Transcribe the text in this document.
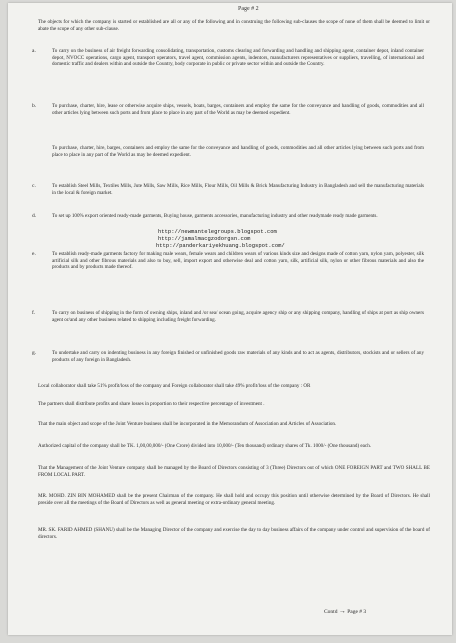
Page # 2

The objects for which the company is started or established are all or any of the following and in construing the following sub-clauses the scope of none of them shall be deemed to limit or abate the scope of any other sub-clause.

a.	To carry on the business of air freight forwarding consolidating, transportation, customs clearing and forwarding and handling and shipping agent, container depot, inland container depot, NVOCC operations, cargo agent, transport operators, travel agent, commission agents, indentors, manufacturers representatives or suppliers, travelling, of international and domestic traffic and dealers within and outside the Country, body corporate in public or private sector within and outside the Country.
b.	To purchase, charter, hire, lease or otherwise acquire ships, vessels, boats, barges, containers and employ the same for the conveyance and handling of goods, commodities and all other articles lying between such ports and from place to place in any part of the World as may be deemed expedient.
To purchase, charter, hire, barges, containers and employ the same for the conveyance and handling of goods, commodities and all other articles lying between such ports and from place to place in any part of the World as may be deemed expedient.
c.	To establish Steel Mills, Textiles Mills, Jute Mills, Saw Mills, Rice Mills, Flour Mills, Oil Mills & Brick Manufacturing Industry in Bangladesh and sell the manufacturing materials in the local & foreign market.
d.	To set up 100% export oriented ready-made garments, Buying house, garments accessories, manufacturing industry and other readymade ready made garments.
http://newmantelegroups.blogspot.com
http://jamalmacgzodorgsn.com
http://panderkariyekhuang.blogspot.com/
e.	To establish ready-made garments factory for making male wears, female wears and children wears of various kinds size and designs made of cotton yarn, nylon yarn, polyester, silk artificial silk and other fibrous materials and also to buy, sell, import export and otherwise deal and cotton yarn, silk, artificial silk, nylon or other fibrous materials and also the products and by products made thereof.
f.	To carry on business of shipping in the form of owning ships, inland and /or sea/ ocean going, acquire agency ship or any shipping company, handling of ships at port as ship owners agent or/and any other business related to shipping including freight forwarding.
g.	To undertake and carry on indenting business in any foreign finished or unfinished goods raw materials of any kinds and to act as agents, distributors, stockists and or sellers of any products of any foreign in Bangladesh.

Local collaborator shall take 51% profit/loss of the company and Foreign collaborator shall take 49% profit/loss of the company : OR

The partners shall distribute profits and share losses in proportion to their respective percentage of investment .

That the main object and scope of the Joint Venture business shall be incorporated in the Memorandum of Association and Articles of Association.

Authorized capital of the company shall be TK. 1,00,00,000/- (One Crore) divided into 10,000/- (Ten thousand) ordinary shares of Tk. 1000/- (One thousand) each.

That the Management of the Joint Venture company shall be managed by the Board of Directors consisting of 3 (Three) Directors out of which ONE FOREIGN PART and TWO SHALL BE FROM LOCAL PART.

MR. MOHD. ZIN BIN MOHAMED shall be the present Chairman of the company. He shall hold and occupy this position until otherwise determined by the Board of Directors. He shall preside over all the meetings of the Board of Directors as well as general meeting or extra-ordinary general meeting.

MR. SK. FARID AHMED (SHANU) shall be the Managing Director of the company and exercise the day to day business affairs of the company under control and supervision of the board of directors.

Contd → Page # 3
